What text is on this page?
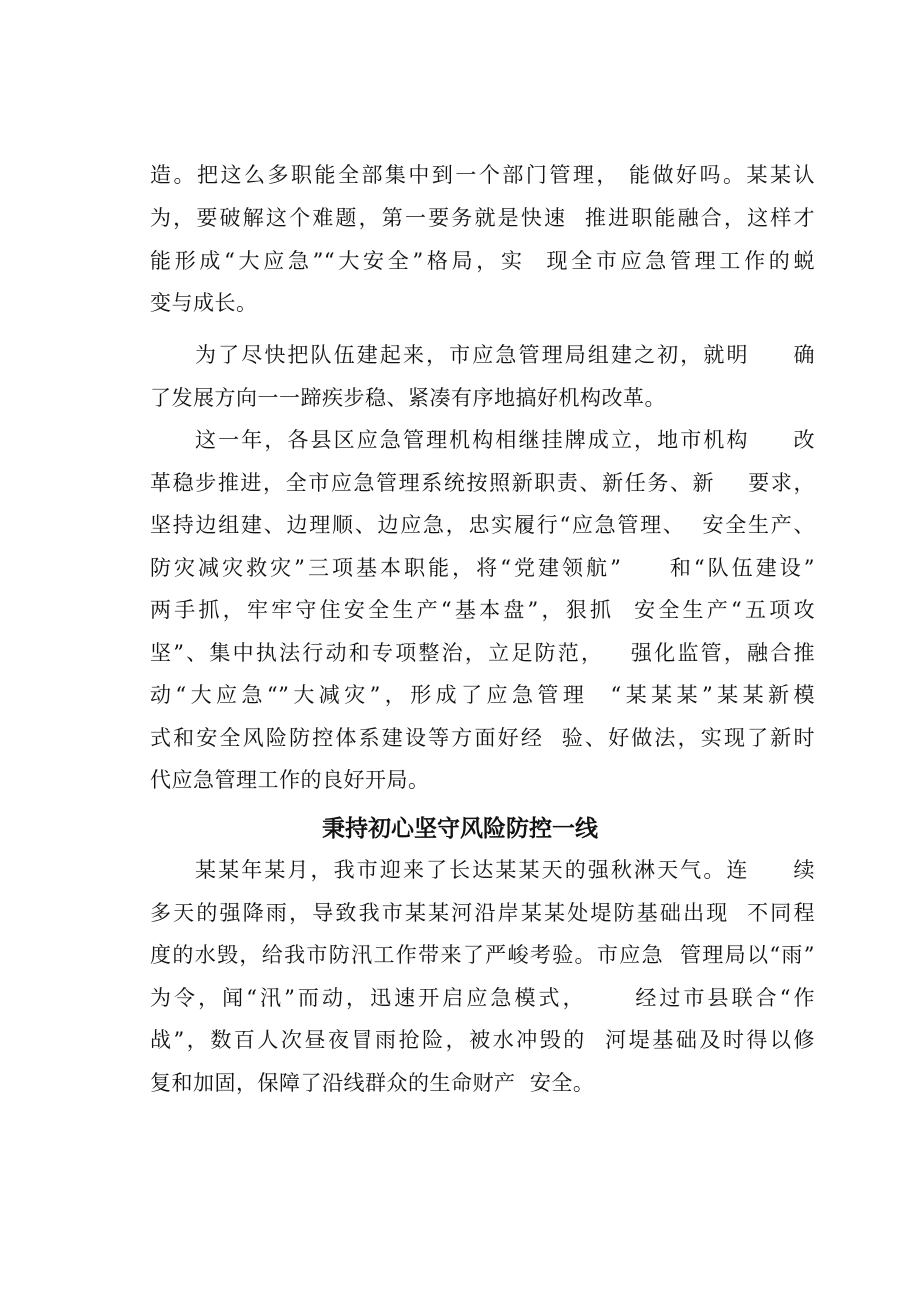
造。把这么多职能全部集中到一个部门管理， 能做好吗。某某认
为，要破解这个难题，第一要务就是快速  推进职能融合，这样才
能形成“大应急”“大安全”格局，实  现全市应急管理工作的蜕
变与成长。
为了尽快把队伍建起来，市应急管理局组建之初，就明     确
了发展方向一一蹄疾步稳、紧凑有序地搞好机构改革。
这一年，各县区应急管理机构相继挂牌成立，地市机构     改
革稳步推进，全市应急管理系统按照新职责、新任务、新    要求，
坚持边组建、边理顺、边应急，忠实履行“应急管理、  安全生产、
防灾减灾救灾”三项基本职能，将“党建领航”     和“队伍建设”
两手抓，牢牢守住安全生产“基本盘”，狠抓  安全生产“五项攻
坚”、集中执法行动和专项整治，立足防范，   强化监管，融合推
动“大应急“”大减灾”，形成了应急管理  “某某某”某某新模
式和安全风险防控体系建设等方面好经  验、好做法，实现了新时
代应急管理工作的良好开局。
秉持初心坚守风险防控一线
某某年某月，我市迎来了长达某某天的强秋淋天气。连     续
多天的强降雨，导致我市某某河沿岸某某处堤防基础出现  不同程
度的水毁，给我市防汛工作带来了严峻考验。市应急  管理局以“雨”
为令，闻“汛”而动，迅速开启应急模式，     经过市县联合“作
战”，数百人次昼夜冒雨抢险，被水冲毁的  河堤基础及时得以修
复和加固，保障了沿线群众的生命财产  安全。
